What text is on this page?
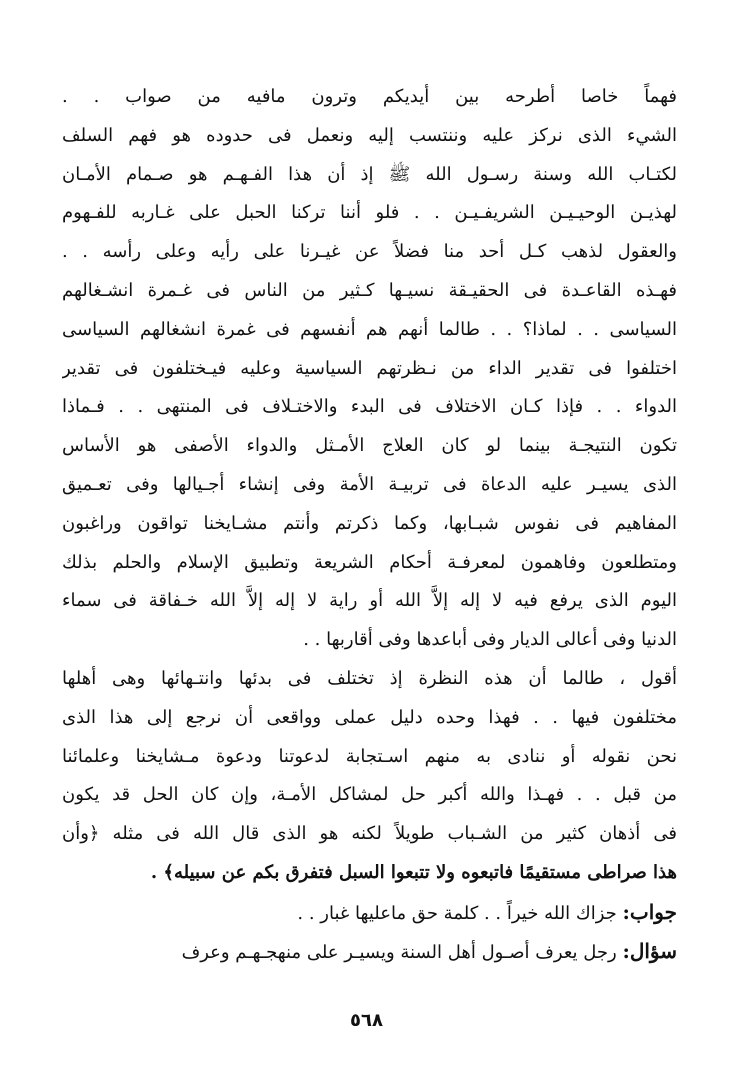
فهماً خاصا أطرحه بين أيديكم وترون مافيه من صواب . .
الشيء الذى نركز عليه وننتسب إليه ونعمل فى حدوده هو فهم السلف
لكتـاب الله وسنة رسـول الله ﷺ إذ أن هذا الفـهـم هو صـمام الأمـان
لهذيـن الوحيـيـن الشريفـيـن . . فلو أننا تركنا الحبل على غـاربه للفـهوم
والعقول لذهب كـل أحد منا فضلاً عن غيـرنا على رأيه وعلى رأسه . .
فهـذه القاعـدة فى الحقيـقة نسيـها كـثير من الناس فى غـمرة انشـغالهم
السياسى . . لماذا؟ . . طالما أنهم هم أنفسهم فى غمرة انشغالهم السياسى
اختلفوا فى تقدير الداء من نـظرتهم السياسية وعليه فيـختلفون فى تقدير
الدواء . . فإذا كـان الاختلاف فى البدء والاختـلاف فى المنتهى . . فـماذا
تكون النتيجـة بينما لو كان العلاج الأمـثل والدواء الأصفى هو الأساس
الذى يسيـر عليه الدعاة فى تربيـة الأمة وفى إنشاء أجـيالها وفى تعـميق
المفاهيم فى نفوس شبـابها، وكما ذكرتم وأنتم مشـايخنا تواقون وراغبون
ومتطلعون وفاهمون لمعرفـة أحكام الشريعة وتطبيق الإسلام والحلم بذلك
اليوم الذى يرفع فيه لا إله إلاَّ الله أو راية لا إله إلاَّ الله خـفاقة فى سماء
الدنيا وفى أعالى الديار وفى أباعدها وفى أقاربها . .
أقول ، طالما أن هذه النظرة إذ تختلف فى بدئها وانتـهائها وهى أهلها
مختلفون فيها . . فهذا وحده دليل عملى وواقعى أن نرجع إلى هذا الذى
نحن نقوله أو ننادى به منهم اسـتجابة لدعوتنا ودعوة مـشايخنا وعلمائنا
من قبل . . فهـذا والله أكبر حل لمشاكل الأمـة، وإن كان الحل قد يكون
فى أذهان كثير من الشـباب طويلاً لكنه هو الذى قال الله فى مثله ﴿وأن
هذا صراطى مستقيمًا فاتبعوه ولا تتبعوا السبل فتفرق بكم عن سبيله﴾ .
جواب: جزاك الله خيراً . . كلمة حق ماعليها غبار . .
سؤال: رجل يعرف أصـول أهل السنة ويسيـر على منهجـهـم وعرف
٥٦٨
